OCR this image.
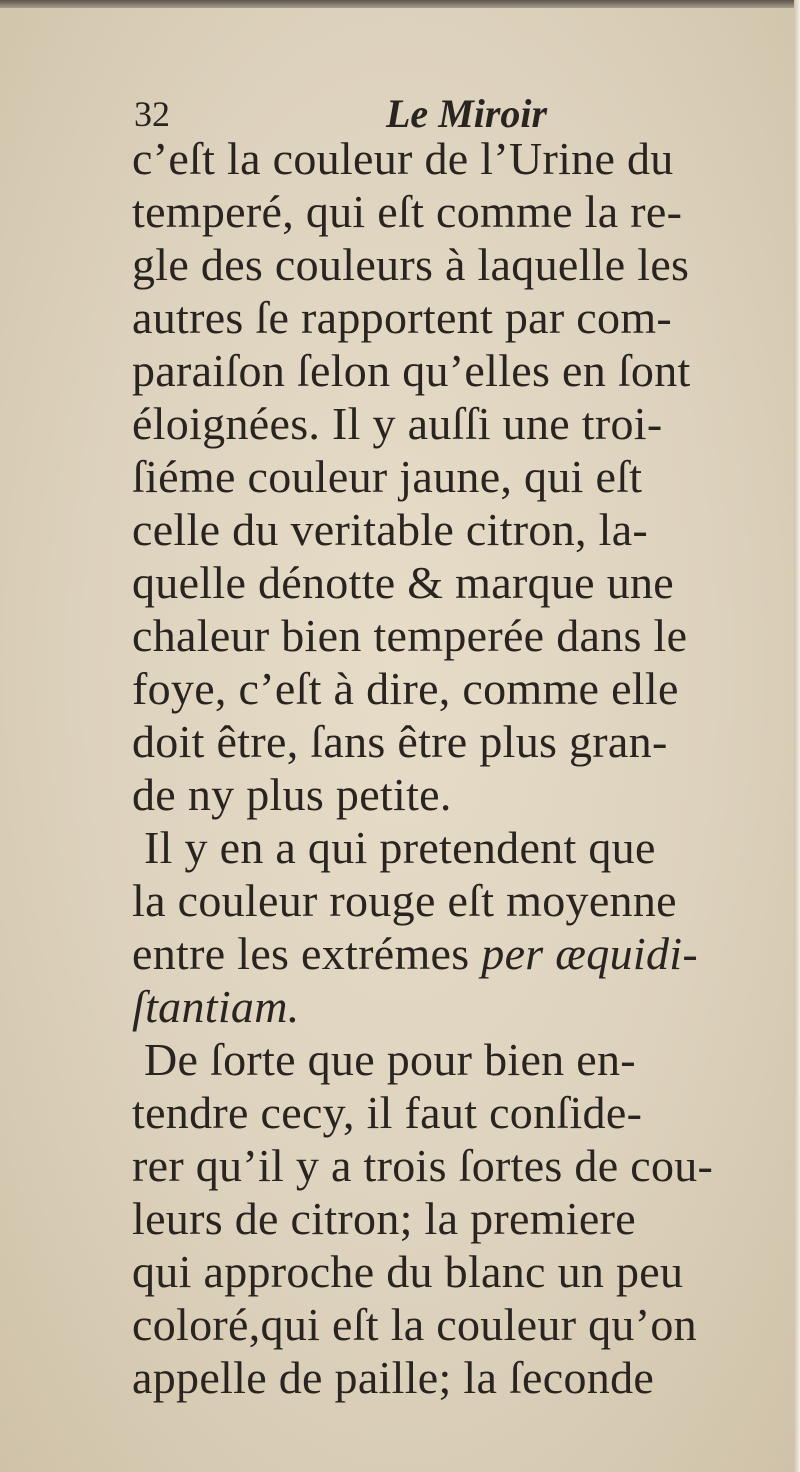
32	Le Miroir
c’eſt la couleur de l’Urine du
temperé, qui eſt comme la re-
gle des couleurs à laquelle les
autres ſe rapportent par com-
paraiſon ſelon qu’elles en ſont
éloignées. Il y auſſi une troi-
ſiéme couleur jaune, qui eſt
celle du veritable citron, la-
quelle dénotte & marque une
chaleur bien temperée dans le
foye, c’eſt à dire, comme elle
doit être, ſans être plus gran-
de ny plus petite.
Il y en a qui pretendent que
la couleur rouge eſt moyenne
entre les extrémes per æquidi-
ſtantiam.
De ſorte que pour bien en-
tendre cecy, il faut conſide-
rer qu’il y a trois ſortes de cou-
leurs de citron; la premiere
qui approche du blanc un peu
coloré,qui eſt la couleur qu’on
appelle de paille; la ſeconde
